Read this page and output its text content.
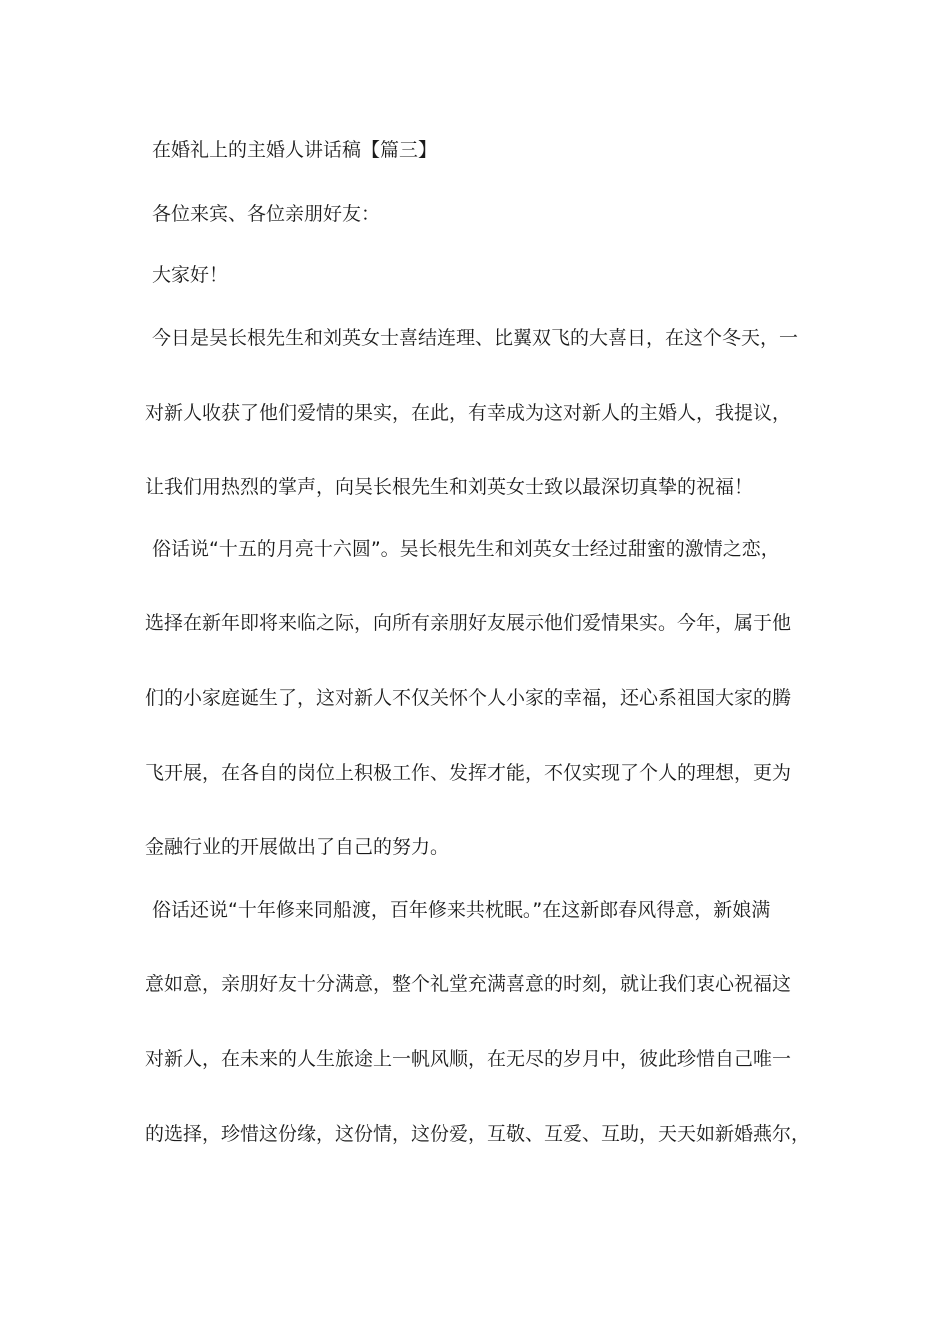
在婚礼上的主婚人讲话稿【篇三】
各位来宾、各位亲朋好友：
大家好！
今日是吴长根先生和刘英女士喜结连理、比翼双飞的大喜日，在这个冬天，一
对新人收获了他们爱情的果实，在此，有幸成为这对新人的主婚人，我提议，
让我们用热烈的掌声，向吴长根先生和刘英女士致以最深切真挚的祝福！
俗话说“十五的月亮十六圆”。吴长根先生和刘英女士经过甜蜜的激情之恋，
选择在新年即将来临之际，向所有亲朋好友展示他们爱情果实。今年，属于他
们的小家庭诞生了，这对新人不仅关怀个人小家的幸福，还心系祖国大家的腾
飞开展，在各自的岗位上积极工作、发挥才能，不仅实现了个人的理想，更为
金融行业的开展做出了自己的努力。
俗话还说“十年修来同船渡，百年修来共枕眠。”在这新郎春风得意，新娘满
意如意，亲朋好友十分满意，整个礼堂充满喜意的时刻，就让我们衷心祝福这
对新人，在未来的人生旅途上一帆风顺，在无尽的岁月中，彼此珍惜自己唯一
的选择，珍惜这份缘，这份情，这份爱，互敬、互爱、互助，天天如新婚燕尔，
